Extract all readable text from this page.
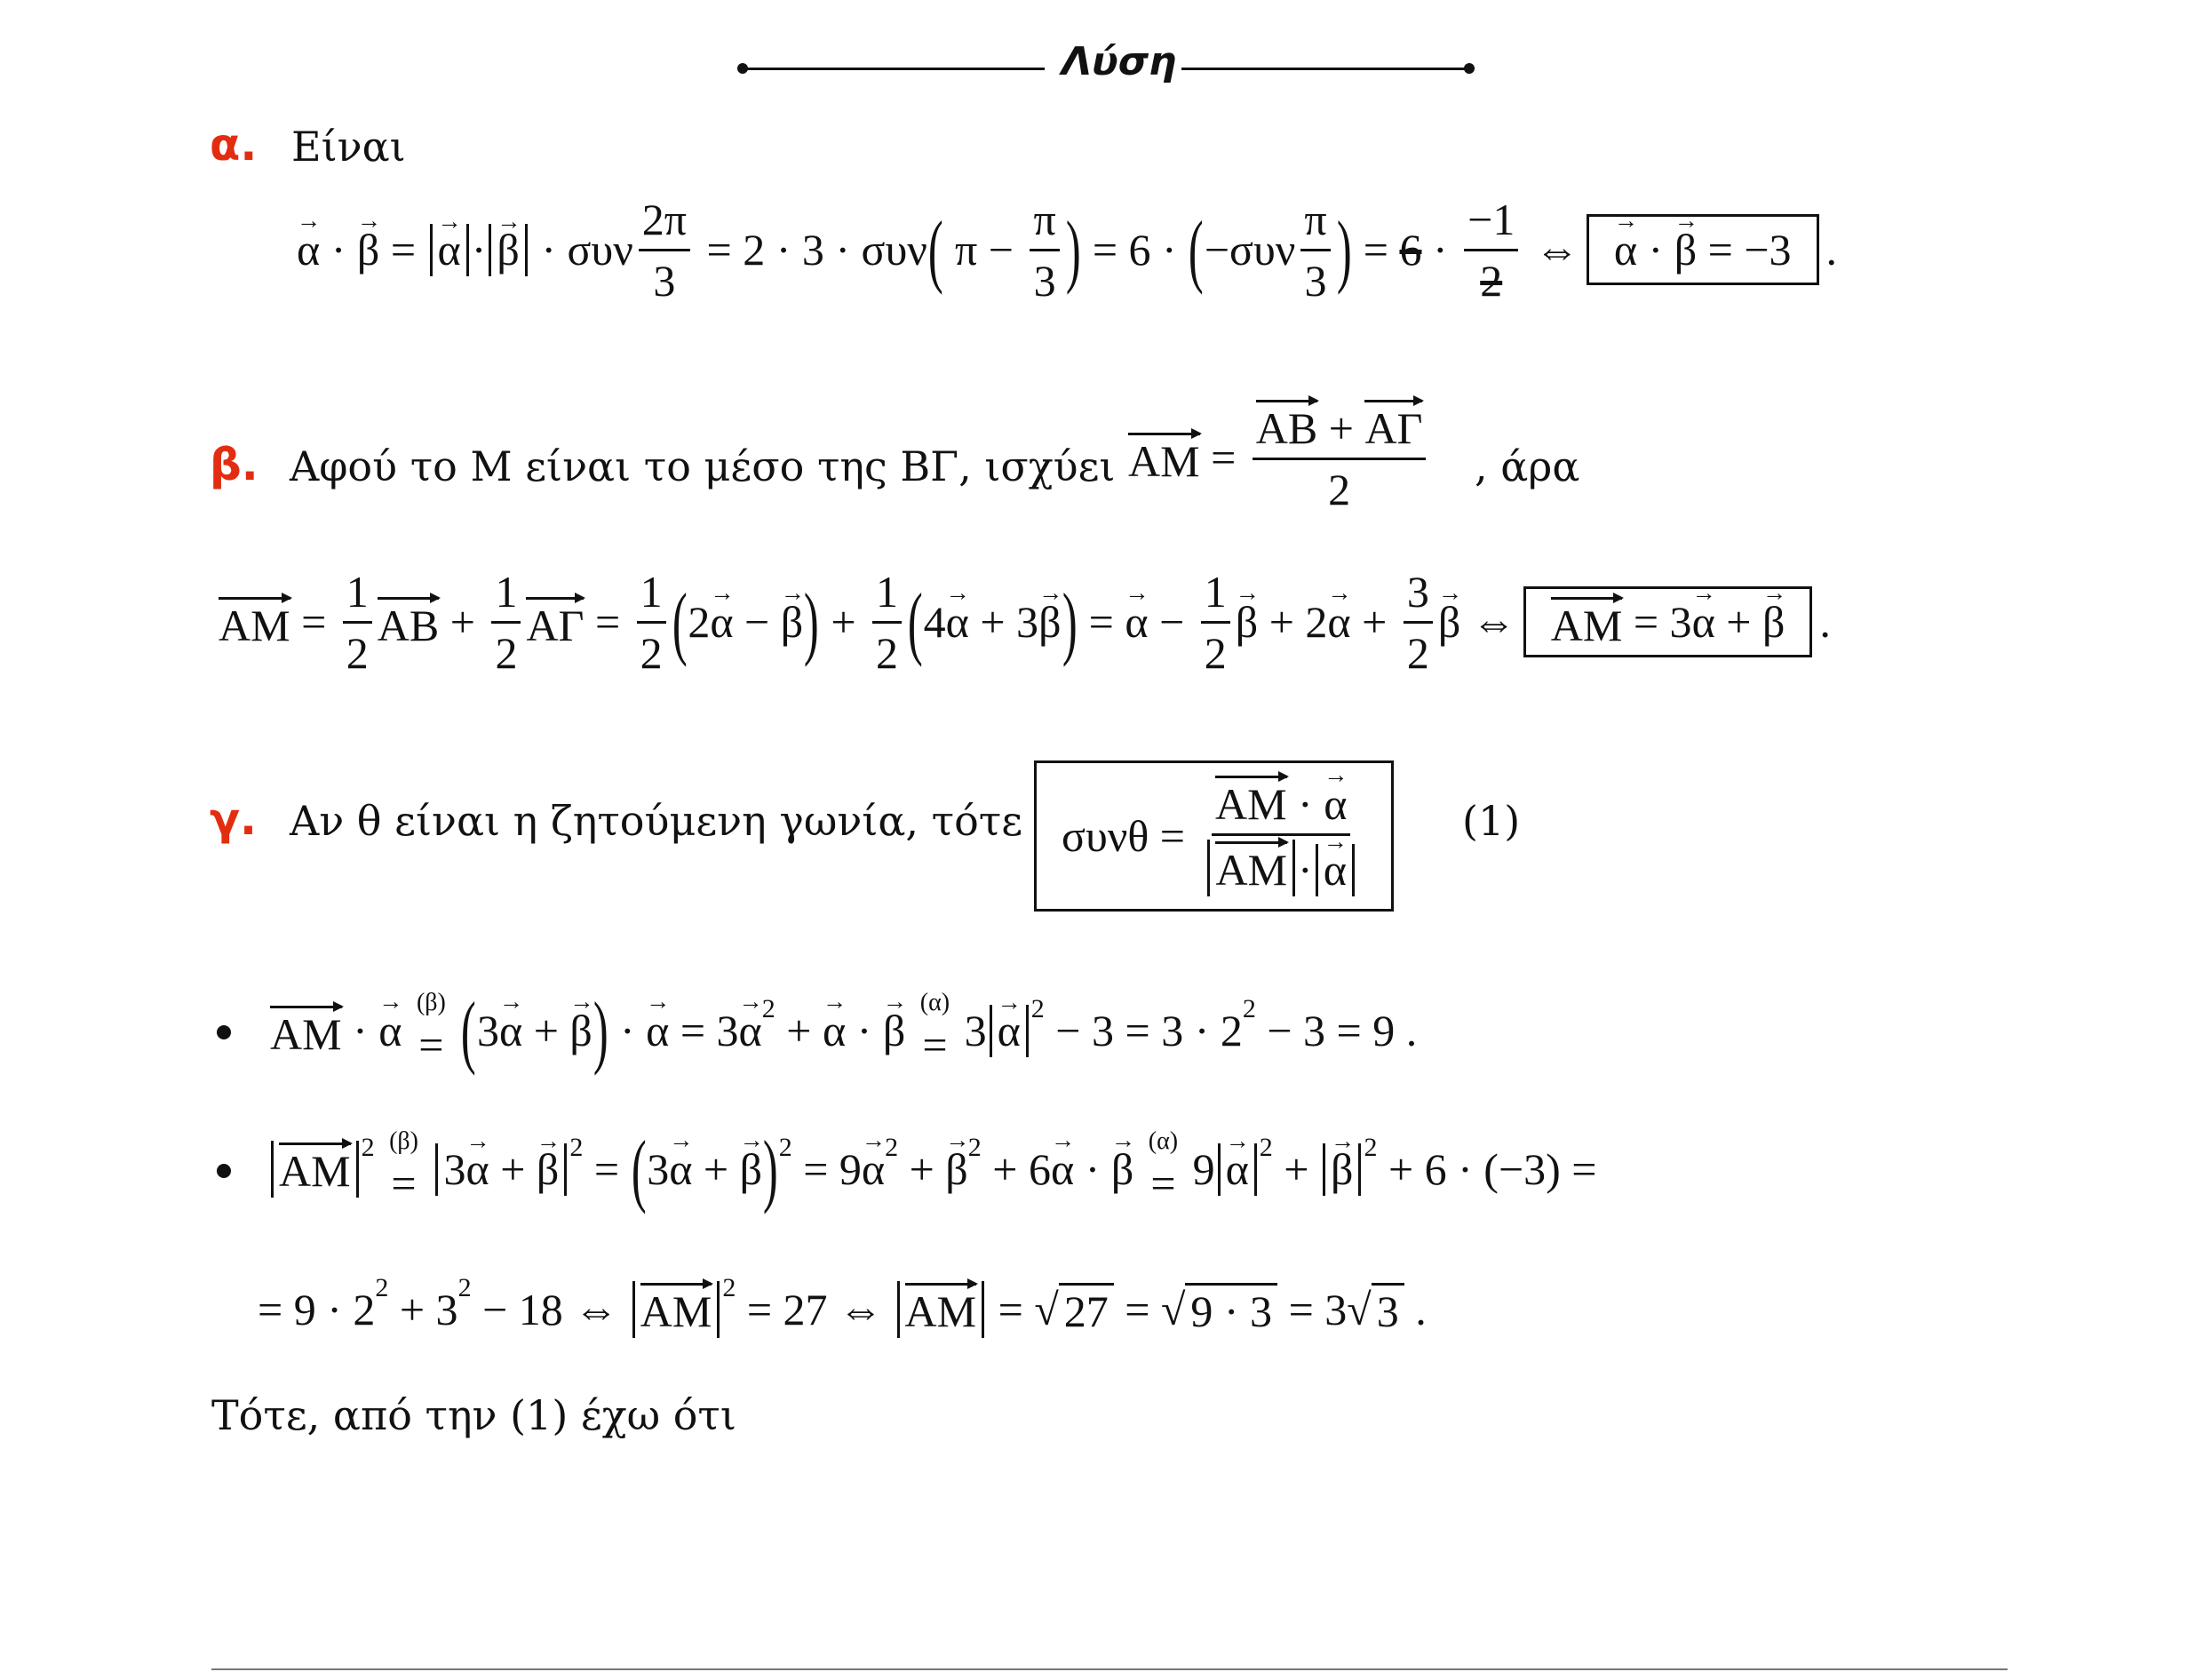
Λύση
α. Είναι
→ α ·
→ β =
→ α ·
→ β · συν $\frac{2\pi}{3} = 2 \cdot 3 \cdot \sigma\upsilon\nu$ ( $\pi - \frac{\pi}{3}$ ) = 6 · ( $-\sigma\upsilon\nu \frac{\pi}{3}$ ) = $6 \cdot \frac{-1}{2}$ ⇔
→ α ·
→ β = −3 .
β. Αφού το Μ είναι το μέσο της ΒΓ, ισχύει AM = $\frac{AB + A\Gamma}{2}$ , άρα
AM = $\frac{1}{2}$ AB + $\frac{1}{2}$ $A\Gamma = \frac{1}{2}$ ( 2
→ α −
→ β ) + $\frac{1}{2}$ ( 4
→ α + 3
→ β ) =
→ $\alpha - \frac{1}{2}$
→ β + 2
→ $\alpha + \frac{3}{2}$
→ β ⇔ AM = 3
→ α +
→ β .
γ. Αν θ είναι η ζητούμενη γωνία, τότε $\sigma\upsilon\nu\theta = \frac{AM \cdot \to \alpha}{AM \cdot\to \alpha} (1)$
AM ·
→ α

(β)
=
( 3
→ α +
→ β ) ·
→ α = 3
→ α 2 +
→ α ·
→ β

(α)
= 3
→ α 2 − 3 = 3 · 2 2 − 3 = 9 .
AM 2
(β)
=
3→ α + → β 2 = ( 3
→ α +
→ β ) 2 = 9
→ α 2 +
→ β 2 + 6
→ α ·
→ β

(α)
= 9
→ α 2 +
→ β 2 + 6 · (−3) =
= 9 · 2 2 + 3 2 − 18 ⇔ AM 2 = 27 ⇔ AM = √ 27 = √ 9 · 3 = 3√ 3 .
Τότε, από την (1) έχω ότι
